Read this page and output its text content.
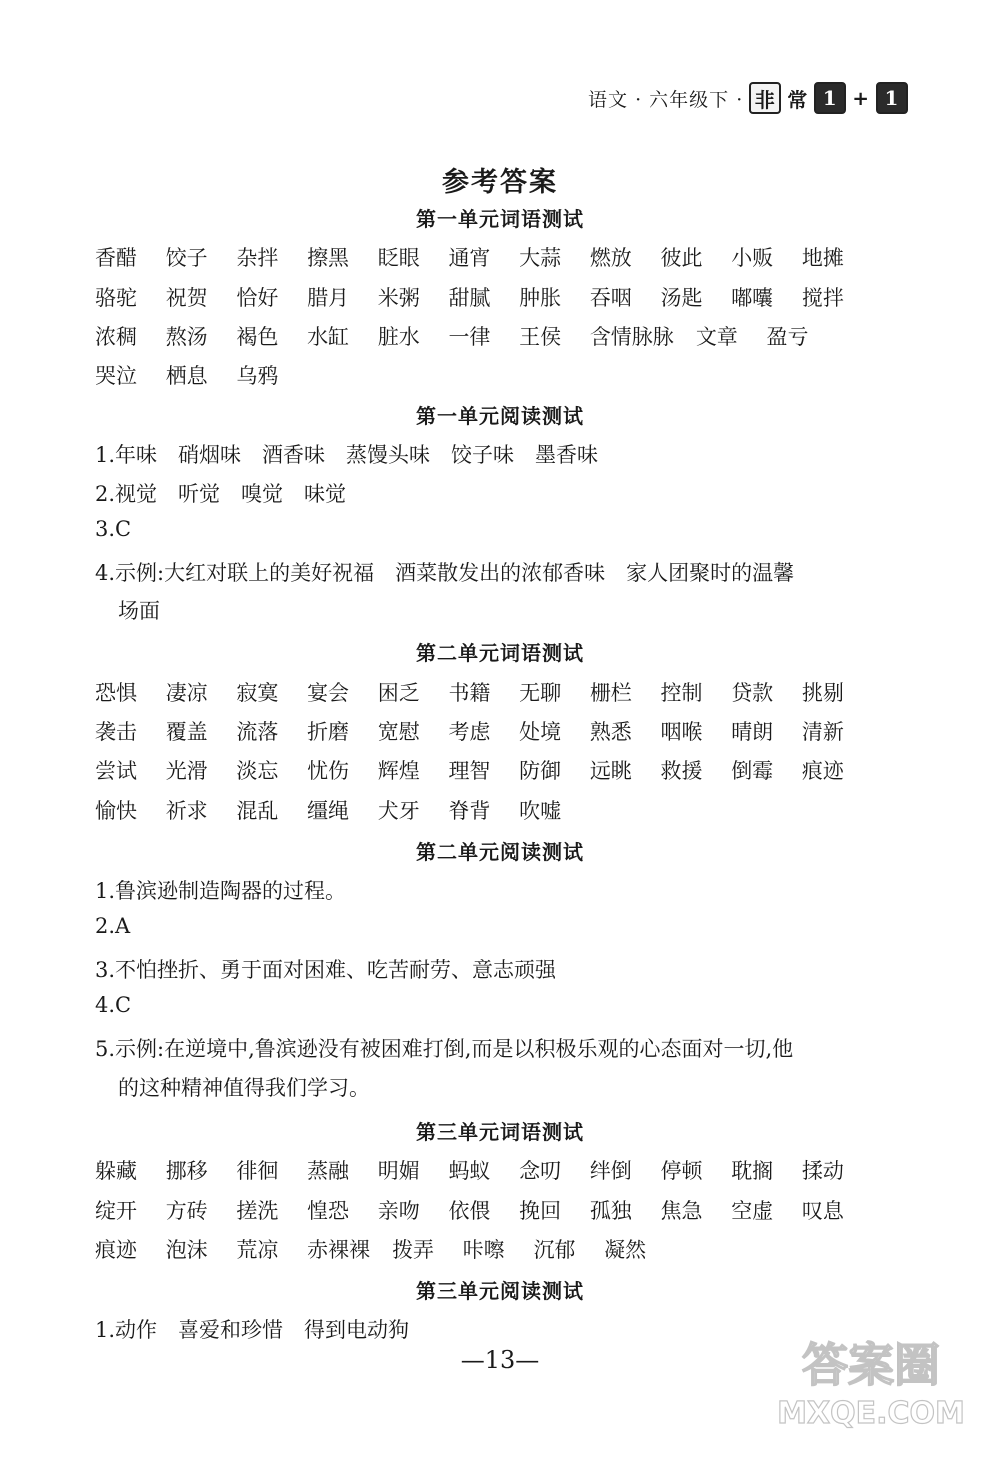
语文 · 六年级下 · 非 常 1 + 1
参考答案
第一单元词语测试
香醋 饺子 杂拌 擦黑 眨眼 通宵 大蒜 燃放 彼此 小贩 地摊
骆驼 祝贺 恰好 腊月 米粥 甜腻 肿胀 吞咽 汤匙 嘟囔 搅拌
浓稠 熬汤 褐色 水缸 脏水 一律 王侯 含情脉脉 文章 盈亏
哭泣 栖息 乌鸦
第一单元阅读测试
1.年味　硝烟味　酒香味　蒸馒头味　饺子味　墨香味
2.视觉　听觉　嗅觉　味觉
3.C
4.示例:大红对联上的美好祝福　酒菜散发出的浓郁香味　家人团聚时的温馨
场面
第二单元词语测试
恐惧 凄凉 寂寞 宴会 困乏 书籍 无聊 栅栏 控制 贷款 挑剔
袭击 覆盖 流落 折磨 宽慰 考虑 处境 熟悉 咽喉 晴朗 清新
尝试 光滑 淡忘 忧伤 辉煌 理智 防御 远眺 救援 倒霉 痕迹
愉快 祈求 混乱 缰绳 犬牙 脊背 吹嘘
第二单元阅读测试
1.鲁滨逊制造陶器的过程。
2.A
3.不怕挫折、勇于面对困难、吃苦耐劳、意志顽强
4.C
5.示例:在逆境中,鲁滨逊没有被困难打倒,而是以积极乐观的心态面对一切,他
的这种精神值得我们学习。
第三单元词语测试
躲藏 挪移 徘徊 蒸融 明媚 蚂蚁 念叨 绊倒 停顿 耽搁 揉动
绽开 方砖 搓洗 惶恐 亲吻 依偎 挽回 孤独 焦急 空虚 叹息
痕迹 泡沫 荒凉 赤裸裸 拨弄 咔嚓 沉郁 凝然
第三单元阅读测试
1.动作　喜爱和珍惜　得到电动狗
—13—	答案圈
MXQE.COM
